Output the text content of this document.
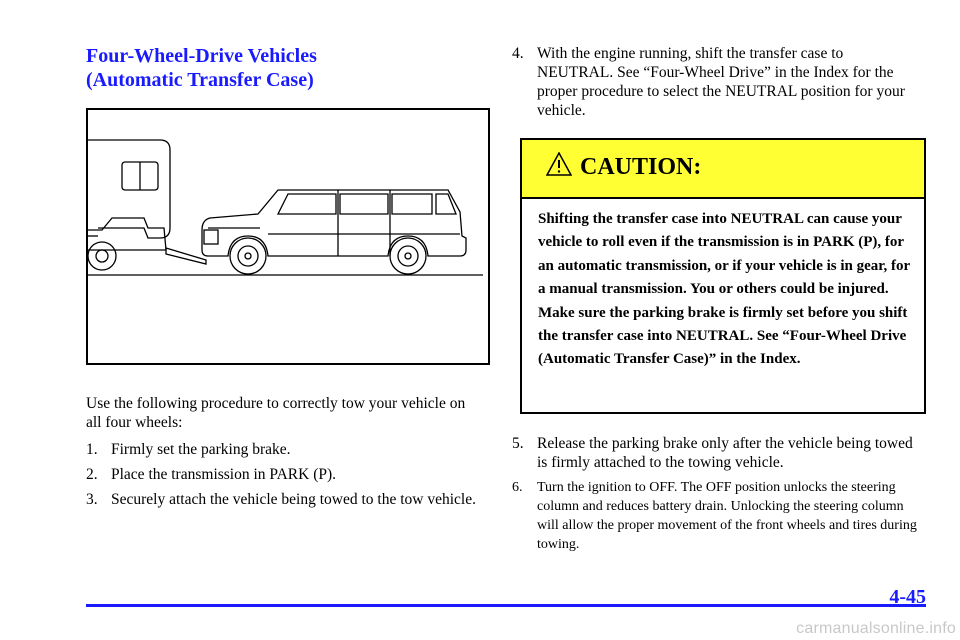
Four-Wheel-Drive Vehicles
(Automatic Transfer Case)

Use the following procedure to correctly tow your vehicle on all four wheels:

1. Firmly set the parking brake.
2. Place the transmission in PARK (P).
3. Securely attach the vehicle being towed to the tow vehicle.
4. With the engine running, shift the transfer case to NEUTRAL. See “Four-Wheel Drive” in the Index for the proper procedure to select the NEUTRAL position for your vehicle.
CAUTION:
Shifting the transfer case into NEUTRAL can cause your vehicle to roll even if the transmission is in PARK (P), for an automatic transmission, or if your vehicle is in gear, for a manual transmission. You or others could be injured. Make sure the parking brake is firmly set before you shift the transfer case into NEUTRAL. See “Four-Wheel Drive (Automatic Transfer Case)” in the Index.
5. Release the parking brake only after the vehicle being towed is firmly attached to the towing vehicle.
6. Turn the ignition to OFF. The OFF position unlocks the steering column and reduces battery drain. Unlocking the steering column will allow the proper movement of the front wheels and tires during towing.
4-45
carmanualsonline.info
